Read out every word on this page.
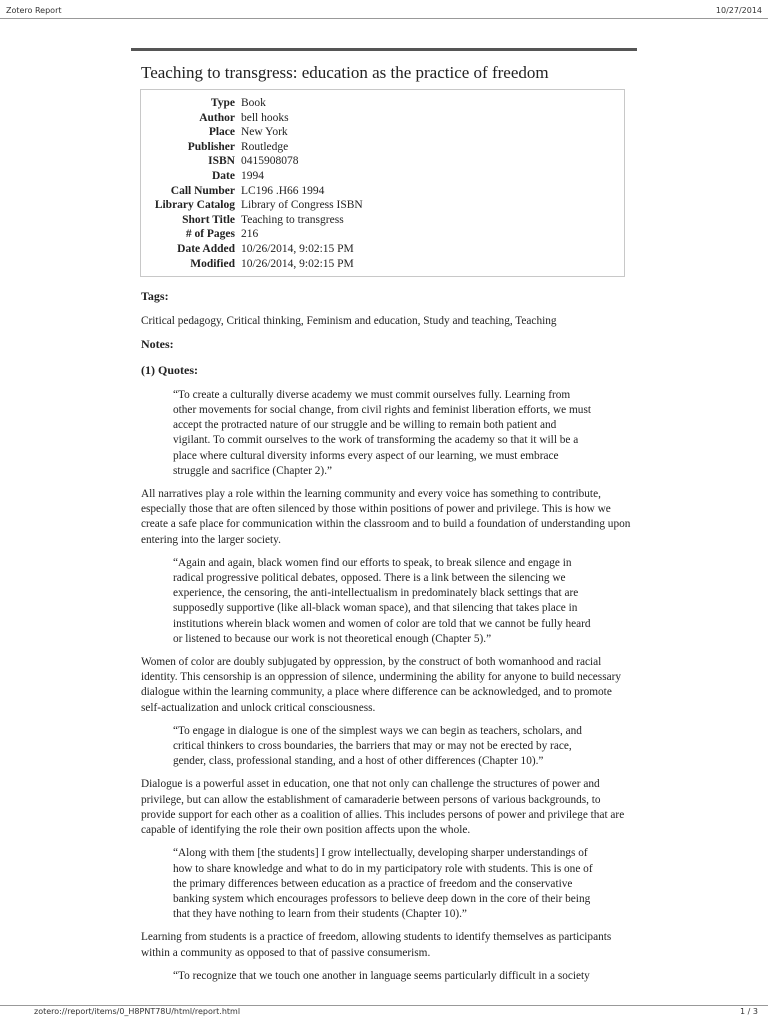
Zotero Report	10/27/2014
Teaching to transgress: education as the practice of freedom
Type	Book
Author	bell hooks
Place	New York
Publisher	Routledge
ISBN	0415908078
Date	1994
Call Number	LC196 .H66 1994
Library Catalog	Library of Congress ISBN
Short Title	Teaching to transgress
# of Pages	216
Date Added	10/26/2014, 9:02:15 PM
Modified	10/26/2014, 9:02:15 PM
Tags:

Critical pedagogy, Critical thinking, Feminism and education, Study and teaching, Teaching

Notes:
(1) Quotes:
“To create a culturally diverse academy we must commit ourselves fully. Learning from other movements for social change, from civil rights and feminist liberation efforts, we must accept the protracted nature of our struggle and be willing to remain both patient and vigilant. To commit ourselves to the work of transforming the academy so that it will be a place where cultural diversity informs every aspect of our learning, we must embrace struggle and sacrifice (Chapter 2).”

All narratives play a role within the learning community and every voice has something to contribute, especially those that are often silenced by those within positions of power and privilege. This is how we create a safe place for communication within the classroom and to build a foundation of understanding upon entering into the larger society.

“Again and again, black women find our efforts to speak, to break silence and engage in radical progressive political debates, opposed. There is a link between the silencing we experience, the censoring, the anti-intellectualism in predominately black settings that are supposedly supportive (like all-black woman space), and that silencing that takes place in institutions wherein black women and women of color are told that we cannot be fully heard or listened to because our work is not theoretical enough (Chapter 5).”

Women of color are doubly subjugated by oppression, by the construct of both womanhood and racial identity. This censorship is an oppression of silence, undermining the ability for anyone to build necessary dialogue within the learning community, a place where difference can be acknowledged, and to promote self-actualization and unlock critical consciousness.

“To engage in dialogue is one of the simplest ways we can begin as teachers, scholars, and critical thinkers to cross boundaries, the barriers that may or may not be erected by race, gender, class, professional standing, and a host of other differences (Chapter 10).”

Dialogue is a powerful asset in education, one that not only can challenge the structures of power and privilege, but can allow the establishment of camaraderie between persons of various backgrounds, to provide support for each other as a coalition of allies. This includes persons of power and privilege that are capable of identifying the role their own position affects upon the whole.

“Along with them [the students] I grow intellectually, developing sharper understandings of how to share knowledge and what to do in my participatory role with students. This is one of the primary differences between education as a practice of freedom and the conservative banking system which encourages professors to believe deep down in the core of their being that they have nothing to learn from their students (Chapter 10).”

Learning from students is a practice of freedom, allowing students to identify themselves as participants within a community as opposed to that of passive consumerism.

“To recognize that we touch one another in language seems particularly difficult in a society
zotero://report/items/0_H8PNT78U/html/report.html	1 / 3
